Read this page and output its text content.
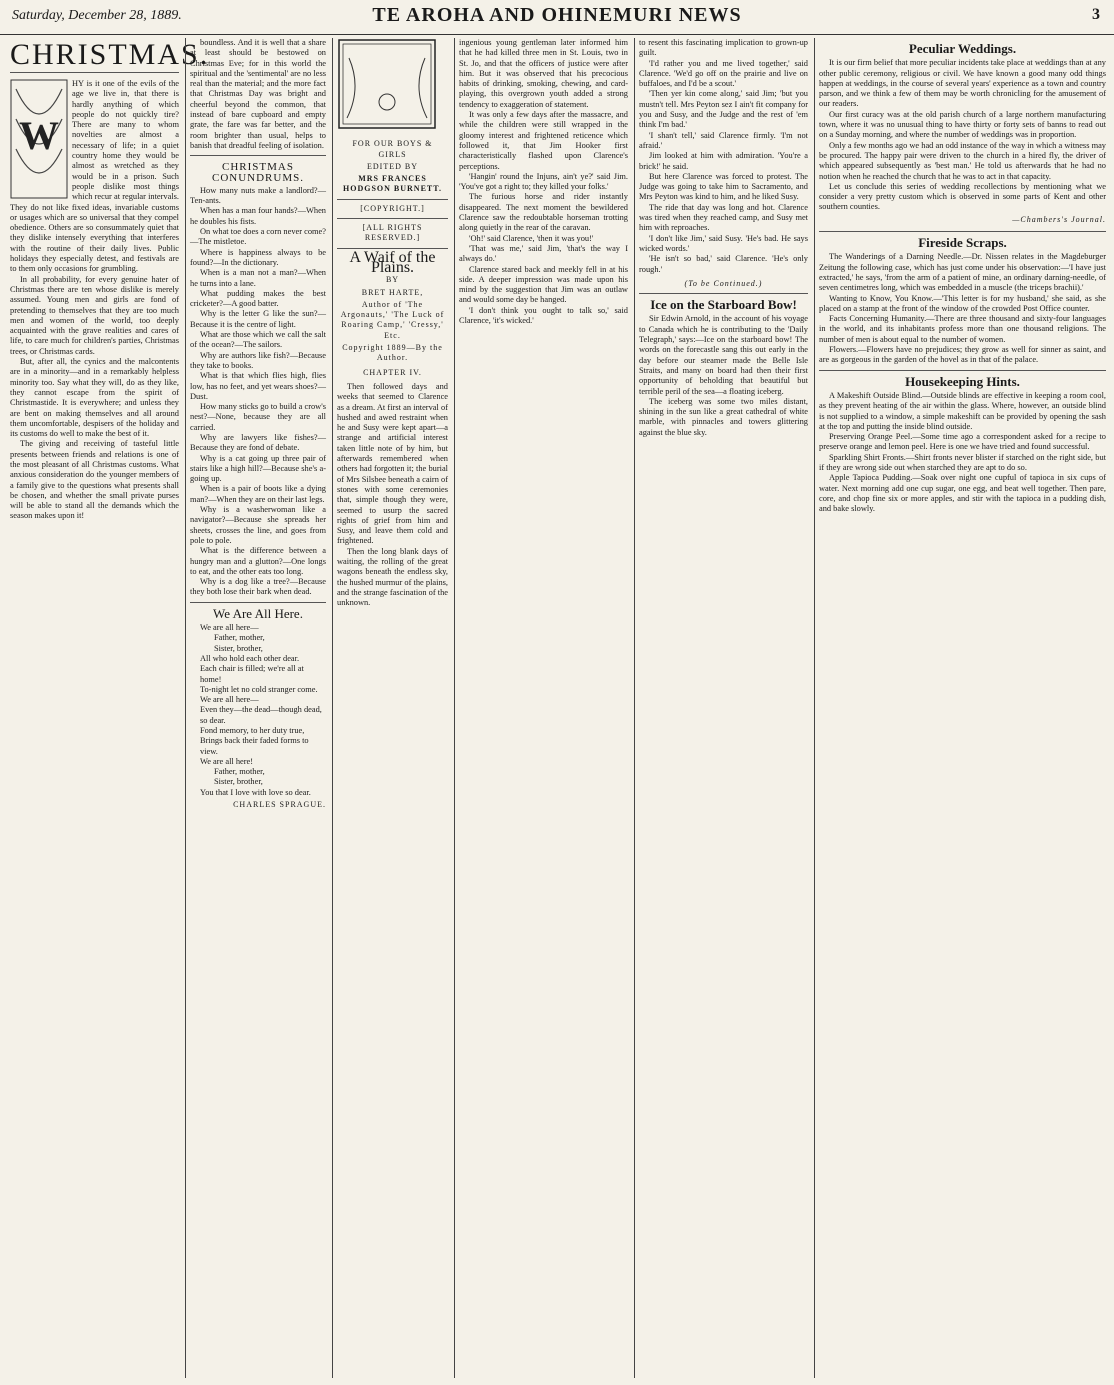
Saturday, December 28, 1889.	TE AROHA AND OHINEMURI NEWS	3
CHRISTMAS.
W

HY is it one of the evils of the age we live in, that there is hardly anything of which people do not quickly tire? There are many to whom novelties are almost a necessary of life; in a quiet country home they would be almost as wretched as they would be in a prison. Such people dislike most things which recur at regular intervals. They do not like fixed ideas, invariable customs or usages which are so universal that they compel obedience. Others are so consummately quiet that they dislike intensely everything that interferes with the routine of their daily lives. Public holidays they especially detest, and festivals are to them only occasions for grumbling.

In all probability, for every genuine hater of Christmas there are ten whose dislike is merely assumed. Young men and girls are fond of pretending to themselves that they are too much men and women of the world, too deeply acquainted with the grave realities and cares of life, to care much for children's parties, Christmas trees, or Christmas cards.

But, after all, the cynics and the malcontents are in a minority—and in a remarkably helpless minority too. Say what they will, do as they like, they cannot escape from the spirit of Christmastide. It is everywhere; and unless they are bent on making themselves and all around them uncomfortable, despisers of the holiday and its customs do well to make the best of it.

The giving and receiving of tasteful little presents between friends and relations is one of the most pleasant of all Christmas customs. What anxious consideration do the younger members of a family give to the questions what presents shall be chosen, and whether the small private purses will be able to stand all the demands which the season makes upon it!

boundless. And it is well that a share at least should be bestowed on Christmas Eve; for in this world the spiritual and the 'sentimental' are no less real than the material; and the more fact that Christmas Day was bright and cheerful beyond the common, that instead of bare cupboard and empty grate, the fare was far better, and the room brighter than usual, helps to banish that dreadful feeling of isolation.

CHRISTMAS CONUNDRUMS.

How many nuts make a landlord?—Ten-ants.

When has a man four hands?—When he doubles his fists.

On what toe does a corn never come?—The mistletoe.

Where is happiness always to be found?—In the dictionary.

When is a man not a man?—When he turns into a lane.

What pudding makes the best cricketer?—A good batter.

Why is the letter G like the sun?—Because it is the centre of light.

What are those which we call the salt of the ocean?—The sailors.

Why are authors like fish?—Because they take to books.

What is that which flies high, flies low, has no feet, and yet wears shoes?—Dust.

How many sticks go to build a crow's nest?—None, because they are all carried.

Why are lawyers like fishes?—Because they are fond of debate.

Why is a cat going up three pair of stairs like a high hill?—Because she's a-going up.

When is a pair of boots like a dying man?—When they are on their last legs.

Why is a washerwoman like a navigator?—Because she spreads her sheets, crosses the line, and goes from pole to pole.

What is the difference between a hungry man and a glutton?—One longs to eat, and the other eats too long.

Why is a dog like a tree?—Because they both lose their bark when dead.

We Are All Here.

We are all here—

Father, mother,

Sister, brother,

All who hold each other dear.

Each chair is filled; we're all at home!

To-night let no cold stranger come.

We are all here—

Even they—the dead—though dead, so dear.

Fond memory, to her duty true,

Brings back their faded forms to view.

We are all here!

Father, mother,

Sister, brother,

You that I love with love so dear.

CHARLES SPRAGUE.
FOR OUR BOYS & GIRLS
EDITED BY
MRS FRANCES HODGSON BURNETT.
[COPYRIGHT.]
[ALL RIGHTS RESERVED.]
A Waif of the Plains.
BY
BRET HARTE,
Author of 'The Argonauts,' 'The Luck of Roaring Camp,' 'Cressy,' Etc.
Copyright 1889—By the Author.
CHAPTER IV.

Then followed days and weeks that seemed to Clarence as a dream. At first an interval of hushed and awed restraint when he and Susy were kept apart—a strange and artificial interest taken little note of by him, but afterwards remembered when others had forgotten it; the burial of Mrs Silsbee beneath a cairn of stones with some ceremonies that, simple though they were, seemed to usurp the sacred rights of grief from him and Susy, and leave them cold and frightened.

Then the long blank days of waiting, the rolling of the great wagons beneath the endless sky, the hushed murmur of the plains, and the strange fascination of the unknown.

ingenious young gentleman later informed him that he had killed three men in St. Louis, two in St. Jo, and that the officers of justice were after him. But it was observed that his precocious habits of drinking, smoking, chewing, and card-playing, this overgrown youth added a strong tendency to exaggeration of statement.

It was only a few days after the massacre, and while the children were still wrapped in the gloomy interest and frightened reticence which followed it, that Jim Hooker first characteristically flashed upon Clarence's perceptions.

'Hangin' round the Injuns, ain't ye?' said Jim. 'You've got a right to; they killed your folks.'

The furious horse and rider instantly disappeared. The next moment the bewildered Clarence saw the redoubtable horseman trotting along quietly in the rear of the caravan.

'Oh!' said Clarence, 'then it was you!'

'That was me,' said Jim, 'that's the way I always do.'

Clarence stared back and meekly fell in at his side. A deeper impression was made upon his mind by the suggestion that Jim was an outlaw and would some day be hanged.

'I don't think you ought to talk so,' said Clarence, 'it's wicked.'

to resent this fascinating implication to grown-up guilt.

'I'd rather you and me lived together,' said Clarence. 'We'd go off on the prairie and live on buffaloes, and I'd be a scout.'

'Then yer kin come along,' said Jim; 'but you mustn't tell. Mrs Peyton sez I ain't fit company for you and Susy, and the Judge and the rest of 'em think I'm bad.'

'I shan't tell,' said Clarence firmly. 'I'm not afraid.'

Jim looked at him with admiration. 'You're a brick!' he said.

But here Clarence was forced to protest. The Judge was going to take him to Sacramento, and Mrs Peyton was kind to him, and he liked Susy.

The ride that day was long and hot. Clarence was tired when they reached camp, and Susy met him with reproaches.

'I don't like Jim,' said Susy. 'He's bad. He says wicked words.'

'He isn't so bad,' said Clarence. 'He's only rough.'

(To be Continued.)
Ice on the Starboard Bow!

Sir Edwin Arnold, in the account of his voyage to Canada which he is contributing to the 'Daily Telegraph,' says:—Ice on the starboard bow! The words on the forecastle sang this out early in the day before our steamer made the Belle Isle Straits, and many on board had then their first opportunity of beholding that beautiful but terrible peril of the sea—a floating iceberg.

The iceberg was some two miles distant, shining in the sun like a great cathedral of white marble, with pinnacles and towers glittering against the blue sky.

Peculiar Weddings.

It is our firm belief that more peculiar incidents take place at weddings than at any other public ceremony, religious or civil. We have known a good many odd things happen at weddings, in the course of several years' experience as a town and country parson, and we think a few of them may be worth chronicling for the amusement of our readers.

Our first curacy was at the old parish church of a large northern manufacturing town, where it was no unusual thing to have thirty or forty sets of banns to read out on a Sunday morning, and where the number of weddings was in proportion.

Only a few months ago we had an odd instance of the way in which a witness may be procured. The happy pair were driven to the church in a hired fly, the driver of which appeared subsequently as 'best man.' He told us afterwards that he had no notion when he reached the church that he was to act in that capacity.

Let us conclude this series of wedding recollections by mentioning what we consider a very pretty custom which is observed in some parts of Kent and other southern counties.

—Chambers's Journal.
Fireside Scraps.

The Wanderings of a Darning Needle.—Dr. Nissen relates in the Magdeburger Zeitung the following case, which has just come under his observation:—'I have just extracted,' he says, 'from the arm of a patient of mine, an ordinary darning-needle, of seven centimetres long, which was embedded in a muscle (the triceps brachii).'

Wanting to Know, You Know.—'This letter is for my husband,' she said, as she placed on a stamp at the front of the window of the crowded Post Office counter.

Facts Concerning Humanity.—There are three thousand and sixty-four languages in the world, and its inhabitants profess more than one thousand religions. The number of men is about equal to the number of women.

Flowers.—Flowers have no prejudices; they grow as well for sinner as saint, and are as gorgeous in the garden of the hovel as in that of the palace.

Housekeeping Hints.

A Makeshift Outside Blind.—Outside blinds are effective in keeping a room cool, as they prevent heating of the air within the glass. Where, however, an outside blind is not supplied to a window, a simple makeshift can be provided by opening the sash at the top and putting the inside blind outside.

Preserving Orange Peel.—Some time ago a correspondent asked for a recipe to preserve orange and lemon peel. Here is one we have tried and found successful.

Sparkling Shirt Fronts.—Shirt fronts never blister if starched on the right side, but if they are wrong side out when starched they are apt to do so.

Apple Tapioca Pudding.—Soak over night one cupful of tapioca in six cups of water. Next morning add one cup sugar, one egg, and beat well together. Then pare, core, and chop fine six or more apples, and stir with the tapioca in a pudding dish, and bake slowly.
